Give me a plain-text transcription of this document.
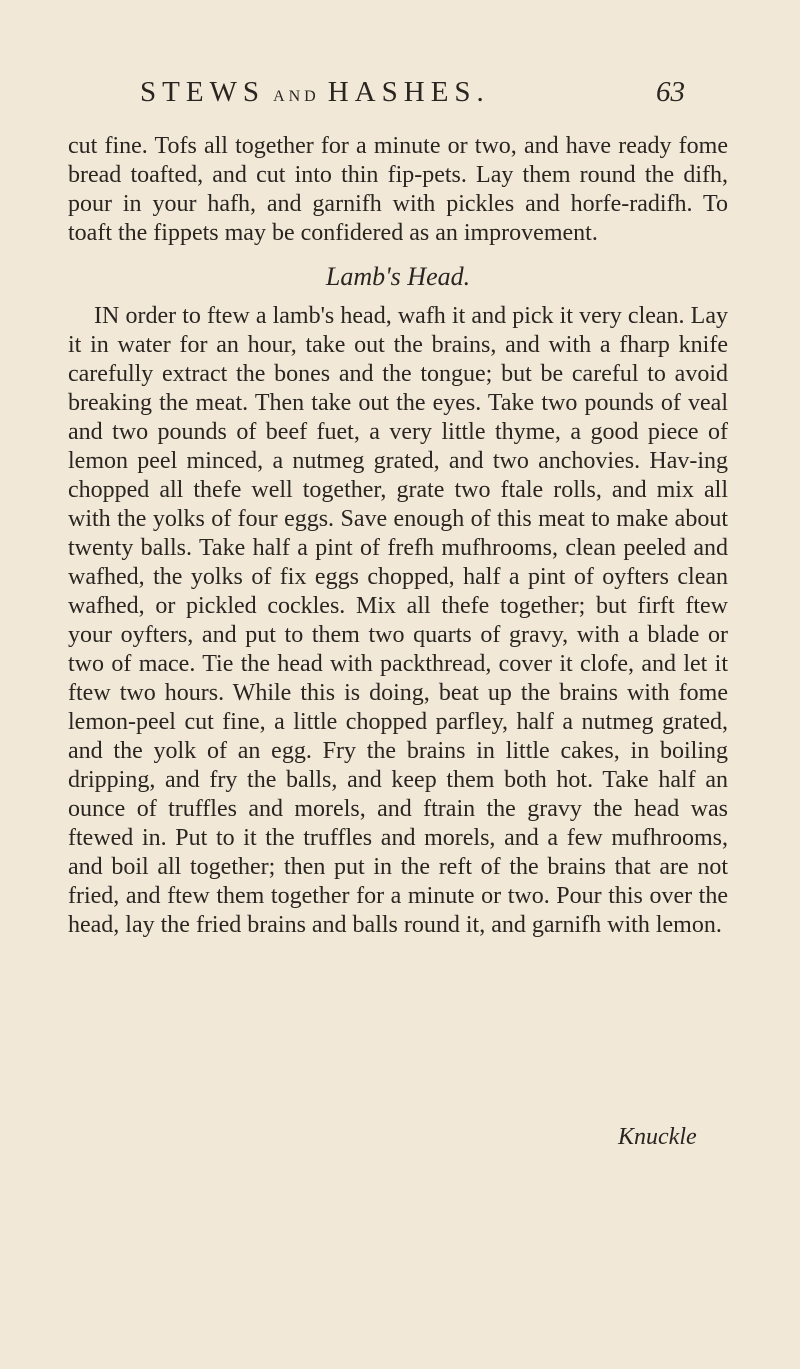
STEWS AND HASHES.	63

cut fine. Tofs all together for a minute or two, and have ready fome bread toafted, and cut into thin fip-pets. Lay them round the difh, pour in your hafh, and garnifh with pickles and horfe-radifh. To toaft the fippets may be confidered as an improvement.

Lamb's Head.

IN order to ftew a lamb's head, wafh it and pick it very clean. Lay it in water for an hour, take out the brains, and with a fharp knife carefully extract the bones and the tongue; but be careful to avoid breaking the meat. Then take out the eyes. Take two pounds of veal and two pounds of beef fuet, a very little thyme, a good piece of lemon peel minced, a nutmeg grated, and two anchovies. Hav-ing chopped all thefe well together, grate two ftale rolls, and mix all with the yolks of four eggs. Save enough of this meat to make about twenty balls. Take half a pint of frefh mufhrooms, clean peeled and wafhed, the yolks of fix eggs chopped, half a pint of oyfters clean wafhed, or pickled cockles. Mix all thefe together; but firft ftew your oyfters, and put to them two quarts of gravy, with a blade or two of mace. Tie the head with packthread, cover it clofe, and let it ftew two hours. While this is doing, beat up the brains with fome lemon-peel cut fine, a little chopped parfley, half a nutmeg grated, and the yolk of an egg. Fry the brains in little cakes, in boiling dripping, and fry the balls, and keep them both hot. Take half an ounce of truffles and morels, and ftrain the gravy the head was ftewed in. Put to it the truffles and morels, and a few mufhrooms, and boil all together; then put in the reft of the brains that are not fried, and ftew them together for a minute or two. Pour this over the head, lay the fried brains and balls round it, and garnifh with lemon.

Knuckle
